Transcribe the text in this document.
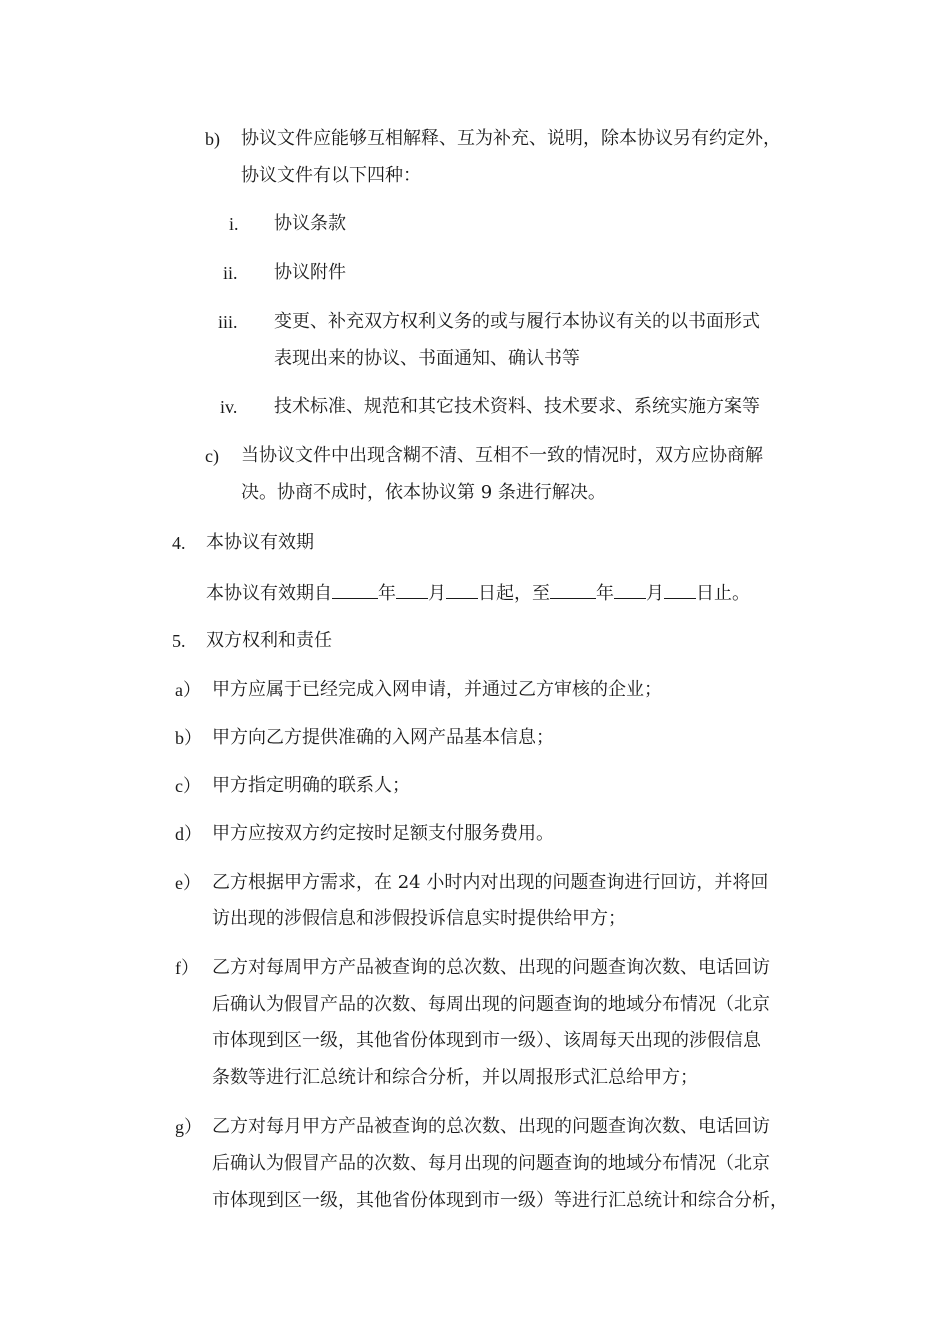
b) 协议文件应能够互相解释、互为补充、说明，除本协议另有约定外，
协议文件有以下四种：
i. 协议条款
ii. 协议附件
iii. 变更、补充双方权利义务的或与履行本协议有关的以书面形式
表现出来的协议、书面通知、确认书等
iv. 技术标准、规范和其它技术资料、技术要求、系统实施方案等
c) 当协议文件中出现含糊不清、互相不一致的情况时，双方应协商解
决。协商不成时，依本协议第 9 条进行解决。
4. 本协议有效期
本协议有效期自	年 月 日起，至	年 月 日止。
5. 双方权利和责任
a） 甲方应属于已经完成入网申请，并通过乙方审核的企业；
b） 甲方向乙方提供准确的入网产品基本信息；
c） 甲方指定明确的联系人；
d） 甲方应按双方约定按时足额支付服务费用。
e） 乙方根据甲方需求，在 24 小时内对出现的问题查询进行回访，并将回
访出现的涉假信息和涉假投诉信息实时提供给甲方；
f） 乙方对每周甲方产品被查询的总次数、出现的问题查询次数、电话回访
后确认为假冒产品的次数、每周出现的问题查询的地域分布情况（北京
市体现到区一级，其他省份体现到市一级）、该周每天出现的涉假信息
条数等进行汇总统计和综合分析，并以周报形式汇总给甲方；
g） 乙方对每月甲方产品被查询的总次数、出现的问题查询次数、电话回访
后确认为假冒产品的次数、每月出现的问题查询的地域分布情况（北京
市体现到区一级，其他省份体现到市一级）等进行汇总统计和综合分析，
